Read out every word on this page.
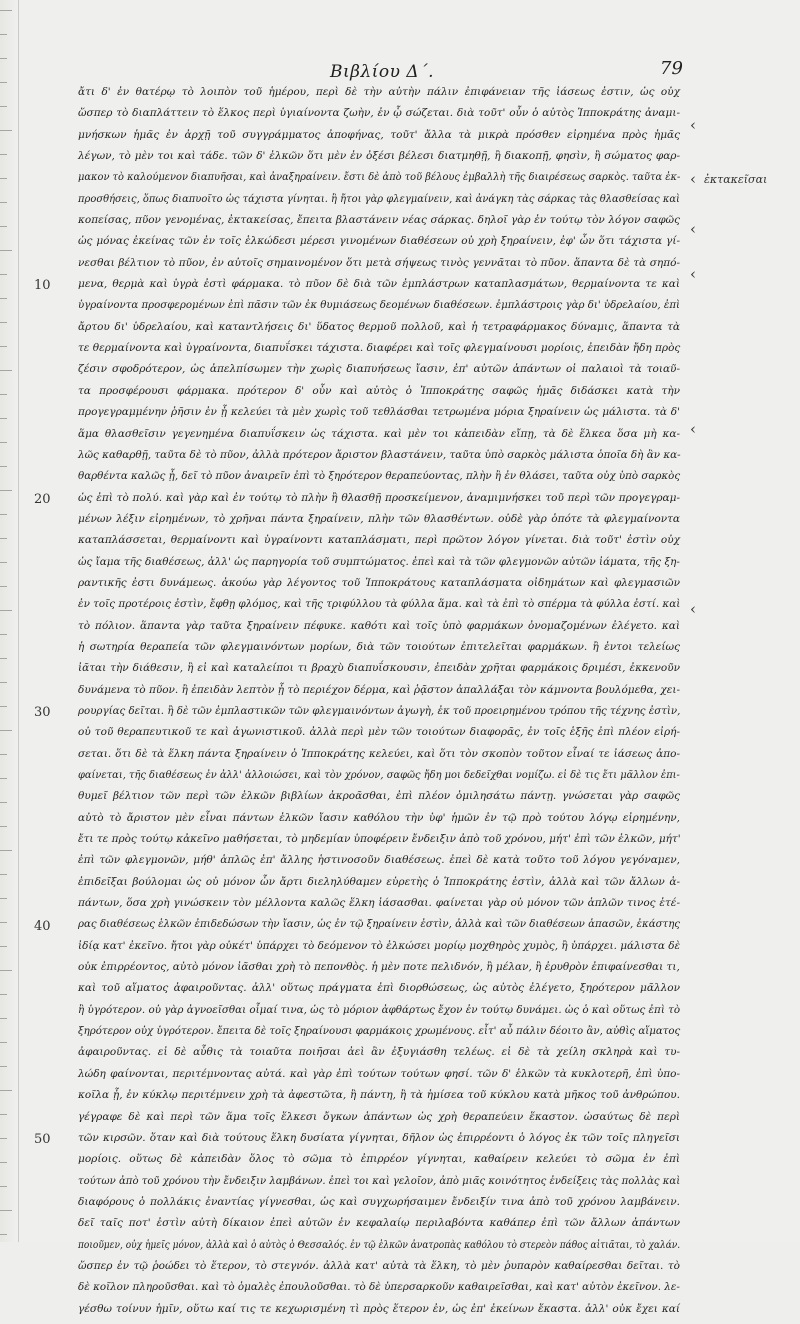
Βιβλίου Δ΄.	79
ἐκτακεῖσαι
ἄτι δ' ἐν θατέρῳ τὸ λοιπὸν τοῦ ἡμέρου, περὶ δὲ τὴν αὐτὴν πάλιν ἐπιφάνειαν τῆς ἰάσεως ἐστιν, ὡς οὐχ
ὥσπερ τὸ διαπλάττειν τὸ ἕλκος περὶ ὑγιαίνοντα ζωὴν, ἐν ᾧ σώζεται. διὰ τοῦτ' οὖν ὁ αὐτὸς Ἱπποκράτης ἀναμι-
μνήσκων ἡμᾶς ἐν ἀρχῇ τοῦ συγγράμματος ἀποφήνας, τοῦτ' ἄλλα τὰ μικρὰ πρόσθεν εἰρημένα πρὸς ἡμᾶς
λέγων, τὸ μὲν τοι καὶ τάδε. τῶν δ' ἑλκῶν ὅτι μὲν ἐν ὀξέσι βέλεσι διατμηθῇ, ἢ διακοπῇ, φησὶν, ἢ σώματος φαρ-
μακον τὸ καλούμενον διαπυῆσαι, καὶ ἀναξηραίνειν. ἔστι δὲ ἀπὸ τοῦ βέλους ἐμβαλλὴ τῆς διαιρέσεως σαρκὸς. ταῦτα ἐκ-
προσθήσεις, ὅπως διαπυοῖτο ὡς τάχιστα γίνηται. ἢ ἤτοι γὰρ φλεγμαίνειν, καὶ ἀνάγκη τὰς σάρκας τὰς θλασθείσας καὶ
κοπείσας, πῦον γενομένας, ἐκτακείσας, ἔπειτα βλαστάνειν νέας σάρκας. δηλοῖ γὰρ ἐν τούτῳ τὸν λόγον σαφῶς
ὡς μόνας ἐκείνας τῶν ἐν τοῖς ἑλκώδεσι μέρεσι γινομένων διαθέσεων οὐ χρὴ ξηραίνειν, ἐφ' ὧν ὅτι τάχιστα γί-
νεσθαι βέλτιον τὸ πῦον, ἐν αὐτοῖς σημαινομένον ὅτι μετὰ σήψεως τινὸς γεννᾶται τὸ πῦον. ἅπαντα δὲ τὰ σηπό-
μενα, θερμὰ καὶ ὑγρὰ ἐστὶ φάρμακα. τὸ πῦον δὲ διὰ τῶν ἐμπλάστρων καταπλασμάτων, θερμαίνοντα τε καὶ
ὑγραίνοντα προσφερομένων ἐπὶ πᾶσιν τῶν ἐκ θυμιάσεως δεομένων διαθέσεων. ἐμπλάστροις γὰρ δι' ὑδρελαίου, ἐπὶ
ἄρτου δι' ὑδρελαίου, καὶ καταντλήσεις δι' ὕδατος θερμοῦ πολλοῦ, καὶ ἡ τετραφάρμακος δύναμις, ἅπαντα τὰ
τε θερμαίνοντα καὶ ὑγραίνοντα, διαπυΐσκει τάχιστα. διαφέρει καὶ τοῖς φλεγμαίνουσι μορίοις, ἐπειδὰν ἤδη πρὸς
ζέσιν σφοδρότερον, ὡς ἀπελπίσωμεν τὴν χωρὶς διαπυήσεως ἴασιν, ἐπ' αὐτῶν ἁπάντων οἱ παλαιοὶ τὰ τοιαῦ-
τα προσφέρουσι φάρμακα. πρότερον δ' οὖν καὶ αὐτὸς ὁ Ἱπποκράτης σαφῶς ἡμᾶς διδάσκει κατὰ τὴν
προγεγραμμένην ῥῆσιν ἐν ᾗ κελεύει τὰ μὲν χωρὶς τοῦ τεθλάσθαι τετρωμένα μόρια ξηραίνειν ὡς μάλιστα. τὰ δ'
ἅμα θλασθεῖσιν γεγενημένα διαπυΐσκειν ὡς τάχιστα. καὶ μὲν τοι κἀπειδὰν εἴπῃ, τὰ δὲ ἕλκεα ὅσα μὴ κα-
λῶς καθαρθῇ, ταῦτα δὲ τὸ πῦον, ἀλλὰ πρότερον ἄριστον βλαστάνειν, ταῦτα ὑπὸ σαρκὸς μάλιστα ὁποῖα δὴ ἂν κα-
θαρθέντα καλῶς ᾖ, δεῖ τὸ πῦον ἀναιρεῖν ἐπὶ τὸ ξηρότερον θεραπεύοντας, πλὴν ἢ ἐν θλάσει, ταῦτα οὐχ ὑπὸ σαρκὸς
ὡς ἐπὶ τὸ πολύ. καὶ γὰρ καὶ ἐν τούτῳ τὸ πλὴν ἢ θλασθῇ προσκείμενον, ἀναμιμνήσκει τοῦ περὶ τῶν προγεγραμ-
μένων λέξιν εἰρημένων, τὸ χρῆναι πάντα ξηραίνειν, πλὴν τῶν θλασθέντων. οὐδὲ γὰρ ὁπότε τὰ φλεγμαίνοντα
καταπλάσσεται, θερμαίνοντι καὶ ὑγραίνοντι καταπλάσματι, περὶ πρῶτον λόγον γίνεται. διὰ τοῦτ' ἐστὶν οὐχ
ὡς ἴαμα τῆς διαθέσεως, ἀλλ' ὡς παρηγορία τοῦ συμπτώματος. ἐπεὶ καὶ τὰ τῶν φλεγμονῶν αὐτῶν ἰάματα, τῆς ξη-
ραντικῆς ἐστι δυνάμεως. ἀκούω γὰρ λέγοντος τοῦ Ἱπποκράτους καταπλάσματα οἰδημάτων καὶ φλεγμασιῶν
ἐν τοῖς προτέροις ἐστὶν, ἔφθῃ φλόμος, καὶ τῆς τριφύλλου τὰ φύλλα ἅμα. καὶ τὰ ἐπὶ τὸ σπέρμα τὰ φύλλα ἐστί. καὶ
τὸ πόλιον. ἅπαντα γὰρ ταῦτα ξηραίνειν πέφυκε. καθότι καὶ τοῖς ὑπὸ φαρμάκων ὀνομαζομένων ἐλέγετο. καὶ
ἡ σωτηρία θεραπεία τῶν φλεγμαινόντων μορίων, διὰ τῶν τοιούτων ἐπιτελεῖται φαρμάκων. ἢ ἐντοι τελείως
ἰᾶται τὴν διάθεσιν, ἢ εἰ καὶ καταλείποι τι βραχὺ διαπυΐσκουσιν, ἐπειδὰν χρῆται φαρμάκοις δριμέσι, ἐκκενοῦν
δυνάμενα τὸ πῦον. ἢ ἐπειδὰν λεπτὸν ᾖ τὸ περιέχον δέρμα, καὶ ῥᾷστον ἀπαλλάξαι τὸν κάμνοντα βουλόμεθα, χει-
ρουργίας δεῖται. ἢ δὲ τῶν ἐμπλαστικῶν τῶν φλεγμαινόντων ἀγωγὴ, ἐκ τοῦ προειρημένου τρόπου τῆς τέχνης ἐστὶν,
οὐ τοῦ θεραπευτικοῦ τε καὶ ἀγωνιστικοῦ. ἀλλὰ περὶ μὲν τῶν τοιούτων διαφορᾶς, ἐν τοῖς ἑξῆς ἐπὶ πλέον εἰρή-
σεται. ὅτι δὲ τὰ ἕλκη πάντα ξηραίνειν ὁ Ἱπποκράτης κελεύει, καὶ ὅτι τὸν σκοπὸν τοῦτον εἶναί τε ἰάσεως ἀπο-
φαίνεται, τῆς διαθέσεως ἐν ἀλλ' ἀλλοιώσει, καὶ τὸν χρόνον, σαφῶς ἤδη μοι δεδεῖχθαι νομίζω. εἰ δὲ τις ἔτι μᾶλλον ἐπι-
θυμεῖ βέλτιον τῶν περὶ τῶν ἑλκῶν βιβλίων ἀκροᾶσθαι, ἐπὶ πλέον ὁμιλησάτω πάντῃ. γνώσεται γὰρ σαφῶς
αὐτὸ τὸ ἄριστον μὲν εἶναι πάντων ἑλκῶν ἴασιν καθόλου τὴν ὑφ' ἡμῶν ἐν τῷ πρὸ τούτου λόγῳ εἰρημένην,
ἔτι τε πρὸς τούτῳ κἀκεῖνο μαθήσεται, τὸ μηδεμίαν ὑποφέρειν ἔνδειξιν ἀπὸ τοῦ χρόνου, μήτ' ἐπὶ τῶν ἑλκῶν, μήτ'
ἐπὶ τῶν φλεγμονῶν, μήθ' ἁπλῶς ἐπ' ἄλλης ἡστινοσοῦν διαθέσεως. ἐπεὶ δὲ κατὰ τοῦτο τοῦ λόγου γεγόναμεν,
ἐπιδεῖξαι βούλομαι ὡς οὐ μόνον ὧν ἄρτι διεληλύθαμεν εὑρετὴς ὁ Ἱπποκράτης ἐστὶν, ἀλλὰ καὶ τῶν ἄλλων ἁ-
πάντων, ὅσα χρὴ γινώσκειν τὸν μέλλοντα καλῶς ἕλκη ἰάσασθαι. φαίνεται γὰρ οὐ μόνον τῶν ἁπλῶν τινος ἑτέ-
ρας διαθέσεως ἑλκῶν ἐπιδεδώσων τὴν ἴασιν, ὡς ἐν τῷ ξηραίνειν ἐστὶν, ἀλλὰ καὶ τῶν διαθέσεων ἁπασῶν, ἐκάστης
ἰδίᾳ κατ' ἐκεῖνο. ἤτοι γὰρ οὐκέτ' ὑπάρχει τὸ δεόμενον τὸ ἑλκώσει μορίῳ μοχθηρὸς χυμὸς, ἢ ὑπάρχει. μάλιστα δὲ
οὐκ ἐπιρρέοντος, αὐτὸ μόνον ἰᾶσθαι χρὴ τὸ πεπονθὸς. ἡ μὲν ποτε πελιδνόν, ἢ μέλαν, ἢ ἐρυθρὸν ἐπιφαίνεσθαι τι,
καὶ τοῦ αἵματος ἀφαιροῦντας. ἀλλ' οὕτως πράγματα ἐπὶ διορθώσεως, ὡς αὐτὸς ἐλέγετο, ξηρότερον μᾶλλον
ἢ ὑγρότερον. οὐ γὰρ ἀγνοεῖσθαι οἶμαί τινα, ὡς τὸ μόριον ἀφθάρτως ἔχον ἐν τούτῳ δυνάμει. ὡς ὁ καὶ οὕτως ἐπὶ τὸ
ξηρότερον οὐχ ὑγρότερον. ἔπειτα δὲ τοῖς ξηραίνουσι φαρμάκοις χρωμένους. εἶτ' αὖ πάλιν δέοιτο ἂν, αὐθὶς αἵματος
ἀφαιροῦντας. εἰ δὲ αὖθις τὰ τοιαῦτα ποιῆσαι ἀεὶ ἂν ἐξυγιάσθη τελέως. εἰ δὲ τὰ χείλη σκληρὰ καὶ τυ-
λώδη φαίνονται, περιτέμνοντας αὐτά. καὶ γὰρ ἐπὶ τούτων τούτων φησί. τῶν δ' ἑλκῶν τὰ κυκλοτερῆ, ἐπὶ ὑπο-
κοῖλα ᾖ, ἐν κύκλῳ περιτέμνειν χρὴ τὰ ἀφεστῶτα, ἢ πάντη, ἢ τὰ ἡμίσεα τοῦ κύκλου κατὰ μῆκος τοῦ ἀνθρώπου.
γέγραφε δὲ καὶ περὶ τῶν ἅμα τοῖς ἕλκεσι ὄγκων ἁπάντων ὡς χρὴ θεραπεύειν ἕκαστον. ὡσαύτως δὲ περὶ
τῶν κιρσῶν. ὅταν καὶ διὰ τούτους ἕλκη δυσίατα γίγνηται, δῆλον ὡς ἐπιρρέοντι ὁ λόγος ἐκ τῶν τοῖς πληγεῖσι
μορίοις. οὕτως δὲ κἀπειδὰν ὅλος τὸ σῶμα τὸ ἐπιρρέον γίγνηται, καθαίρειν κελεύει τὸ σῶμα ἐν ἐπὶ
τούτων ἀπὸ τοῦ χρόνου τὴν ἔνδειξιν λαμβάνων. ἐπεὶ τοι καὶ γελοῖον, ἀπὸ μιᾶς κοινότητος ἐνδείξεις τὰς πολλὰς καὶ
διαφόρους ὁ πολλάκις ἐναντίας γίγνεσθαι, ὡς καὶ συγχωρήσαιμεν ἔνδειξίν τινα ἀπὸ τοῦ χρόνου λαμβάνειν.
δεῖ ταῖς ποτ' ἐστὶν αὐτὴ δίκαιον ἐπεὶ αὐτῶν ἐν κεφαλαίῳ περιλαβόντα καθάπερ ἐπὶ τῶν ἄλλων ἁπάντων
ποιοῦμεν, οὐχ ἡμεῖς μόνον, ἀλλὰ καὶ ὁ αὐτὸς ὁ Θεσσαλός. ἐν τῷ ἑλκῶν ἀνατροπὰς καθόλου τὸ στερεὸν πάθος αἰτιᾶται, τὸ χαλάν.
ὥσπερ ἐν τῷ ῥοώδει τὸ ἕτερον, τὸ στεγνόν. ἀλλὰ κατ' αὐτὰ τὰ ἕλκη, τὸ μὲν ῥυπαρὸν καθαίρεσθαι δεῖται. τὸ
δὲ κοῖλον πληροῦσθαι. καὶ τὸ ὁμαλὲς ἐπουλοῦσθαι. τὸ δὲ ὑπερσαρκοῦν καθαιρεῖσθαι, καὶ κατ' αὐτὸν ἐκεῖνον. λε-
γέσθω τοίνυν ἡμῖν, οὕτω καί τις τε κεχωρισμένη τὶ πρὸς ἕτερον ἐν, ὡς ἐπ' ἐκείνων ἕκαστα. ἀλλ' οὐκ ἔχει καί
10
20
30
40
50
‹
‹
‹
‹
‹
‹
